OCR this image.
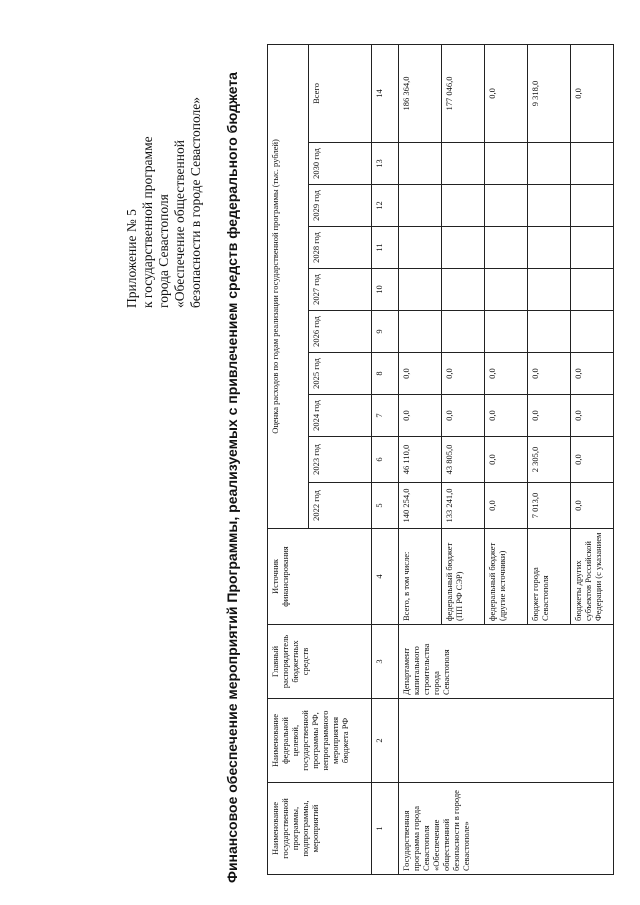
Приложение № 5 к государственной программе города Севастополя «Обеспечение общественной безопасности в городе Севастополе» Финансовое обеспечение мероприятий Программы, реализуемых с привлечением средств федерального бюджета	Наименование государственной программы, подпрограммы, мероприятий	Наименование федеральной целевой, государственной программы РФ, непрограммного мероприятия бюджета РФ	Главный распорядитель бюджетных средств	Источник финансирования	Оценка расходов по годам реализации государственной программы (тыс. рублей)									
				2022 год	2023 год	2024 год	2025 год	2026 год	2027 год	2028 год	2029 год	2030 год	Всего
1	2	3	4	5	6	7	8	9	10	11	12	13	14
Государственная программа города Севастополя «Обеспечение общественной безопасности в городе Севастополе»		Департамент капитального строительства города Севастополя	Всего, в том числе:	140 254,0	46 110,0	0,0	0,0						186 364,0
			федеральный бюджет (ПП РФ СЭР)	133 241,0	43 805,0	0,0	0,0						177 046,0
			федеральный бюджет (другие источники)	0,0	0,0	0,0	0,0						0,0
			бюджет города Севастополя	7 013,0	2 305,0	0,0	0,0						9 318,0
			бюджеты других субъектов Российской Федерации (с указанием	0,0	0,0	0,0	0,0						0,0
